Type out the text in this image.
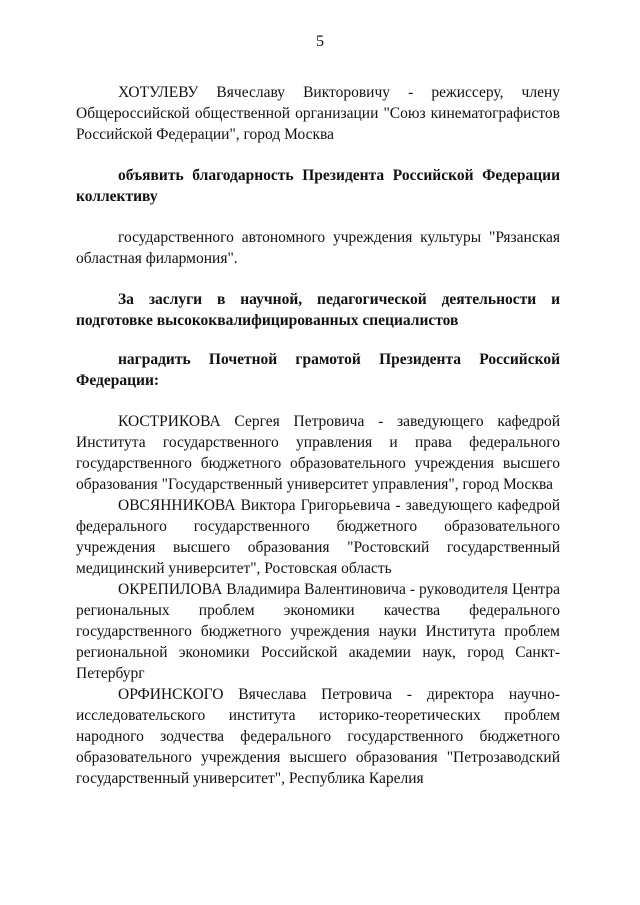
5

ХОТУЛЕВУ Вячеславу Викторовичу - режиссеру, члену Общероссийской общественной организации "Союз кинематографистов Российской Федерации", город Москва

объявить благодарность Президента Российской Федерации коллективу

государственного автономного учреждения культуры "Рязанская областная филармония".

За заслуги в научной, педагогической деятельности и подготовке высококвалифицированных специалистов

наградить Почетной грамотой Президента Российской Федерации:

КОСТРИКОВА Сергея Петровича - заведующего кафедрой Института государственного управления и права федерального государственного бюджетного образовательного учреждения высшего образования "Государственный университет управления", город Москва

ОВСЯННИКОВА Виктора Григорьевича - заведующего кафедрой федерального государственного бюджетного образовательного учреждения высшего образования "Ростовский государственный медицинский университет", Ростовская область

ОКРЕПИЛОВА Владимира Валентиновича - руководителя Центра региональных проблем экономики качества федерального государственного бюджетного учреждения науки Института проблем региональной экономики Российской академии наук, город Санкт-Петербург

ОРФИНСКОГО Вячеслава Петровича - директора научно-исследовательского института историко-теоретических проблем народного зодчества федерального государственного бюджетного образовательного учреждения высшего образования "Петрозаводский государственный университет", Республика Карелия
